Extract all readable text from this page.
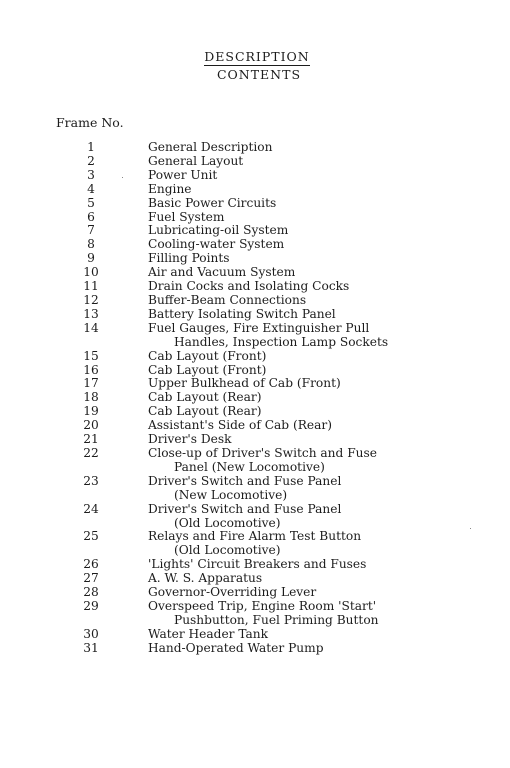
DESCRIPTION
CONTENTS
Frame No.
1	General Description
2	General Layout
3	Power Unit
4	Engine
5	Basic Power Circuits
6	Fuel System
7	Lubricating-oil System
8	Cooling-water System
9	Filling Points
10	Air and Vacuum System
11	Drain Cocks and Isolating Cocks
12	Buffer-Beam Connections
13	Battery Isolating Switch Panel
14	Fuel Gauges, Fire Extinguisher Pull
Handles, Inspection Lamp Sockets
15	Cab Layout (Front)
16	Cab Layout (Front)
17	Upper Bulkhead of Cab (Front)
18	Cab Layout (Rear)
19	Cab Layout (Rear)
20	Assistant's Side of Cab (Rear)
21	Driver's Desk
22	Close-up of Driver's Switch and Fuse
Panel (New Locomotive)
23	Driver's Switch and Fuse Panel
(New Locomotive)
24	Driver's Switch and Fuse Panel
(Old Locomotive)
25	Relays and Fire Alarm Test Button
(Old Locomotive)
26	'Lights' Circuit Breakers and Fuses
27	A. W. S. Apparatus
28	Governor-Overriding Lever
29	Overspeed Trip, Engine Room 'Start'
Pushbutton, Fuel Priming Button
30	Water Header Tank
31	Hand-Operated Water Pump
